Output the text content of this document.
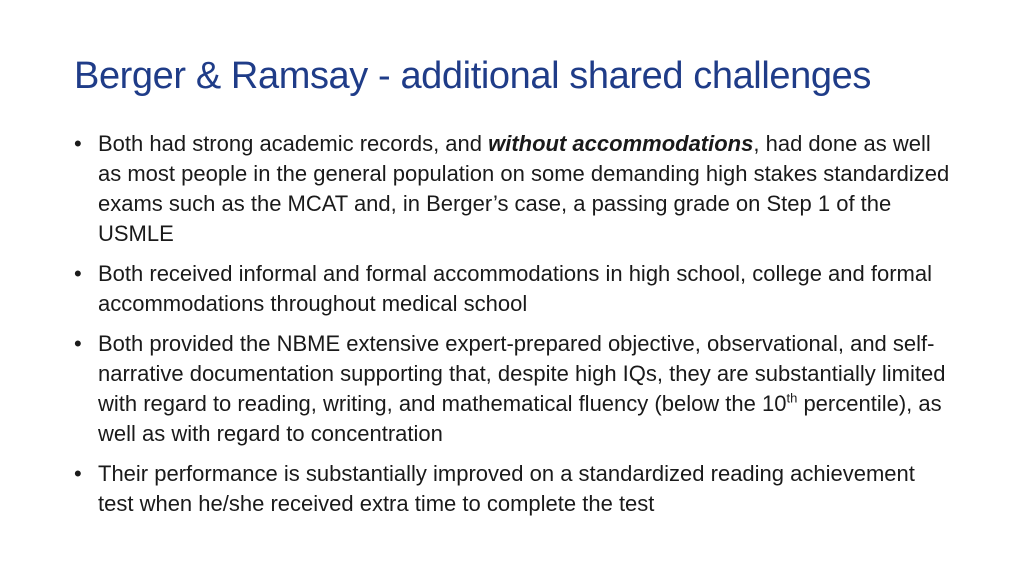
Berger & Ramsay - additional shared challenges
• Both had strong academic records, and without accommodations, had done as well as most people in the general population on some demanding high stakes standardized exams such as the MCAT and, in Berger’s case, a passing grade on Step 1 of the USMLE
• Both received informal and formal accommodations in high school, college and formal accommodations throughout medical school
• Both provided the NBME extensive expert-prepared objective, observational, and self-narrative documentation supporting that, despite high IQs, they are substantially limited with regard to reading, writing, and mathematical fluency (below the 10th percentile), as well as with regard to concentration
• Their performance is substantially improved on a standardized reading achievement test when he/she received extra time to complete the test
